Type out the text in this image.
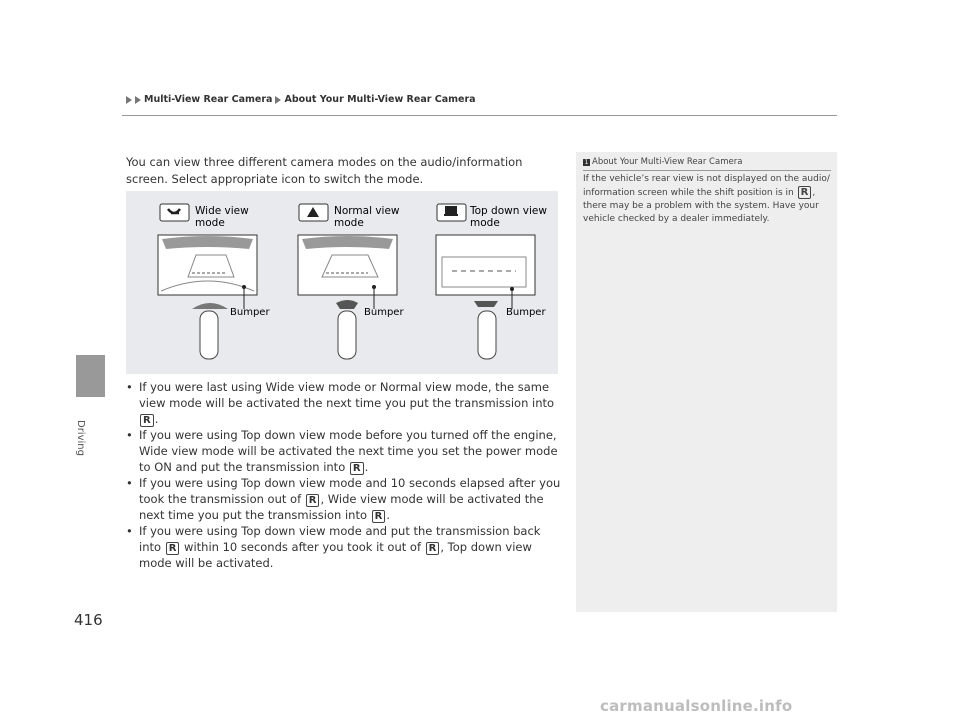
Multi-View Rear Camera About Your Multi-View Rear Camera
Driving
416
You can view three different camera modes on the audio/information screen. Select appropriate icon to switch the mode.
Wide view
mode
Bumper
Normal view
mode
Bumper
Top down view
mode
Bumper
• If you were last using Wide view mode or Normal view mode, the same view mode will be activated the next time you put the transmission into R .
• If you were using Top down view mode before you turned off the engine, Wide view mode will be activated the next time you set the power mode to ON and put the transmission into R .
• If you were using Top down view mode and 10 seconds elapsed after you took the transmission out of R , Wide view mode will be activated the next time you put the transmission into R .
• If you were using Top down view mode and put the transmission back into R within 10 seconds after you took it out of R , Top down view mode will be activated.
1 About Your Multi-View Rear Camera
If the vehicle’s rear view is not displayed on the audio/ information screen while the shift position is in R , there may be a problem with the system. Have your vehicle checked by a dealer immediately.
carmanualsonline.info
